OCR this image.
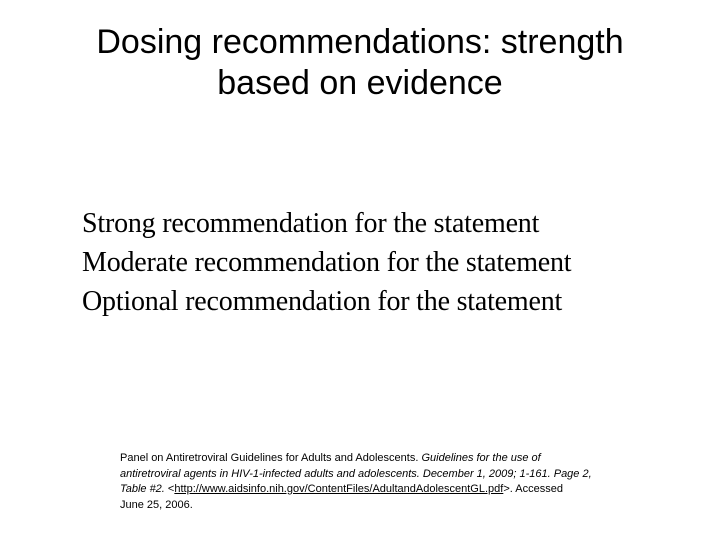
Dosing recommendations: strength
based on evidence
Strong recommendation for the statement
Moderate recommendation for the statement
Optional recommendation for the statement

Panel on Antiretroviral Guidelines for Adults and Adolescents. Guidelines for the use of
antiretroviral agents in HIV-1-infected adults and adolescents. December 1, 2009; 1-161. Page 2,
Table #2. <http://www.aidsinfo.nih.gov/ContentFiles/AdultandAdolescentGL.pdf>. Accessed
June 25, 2006.
